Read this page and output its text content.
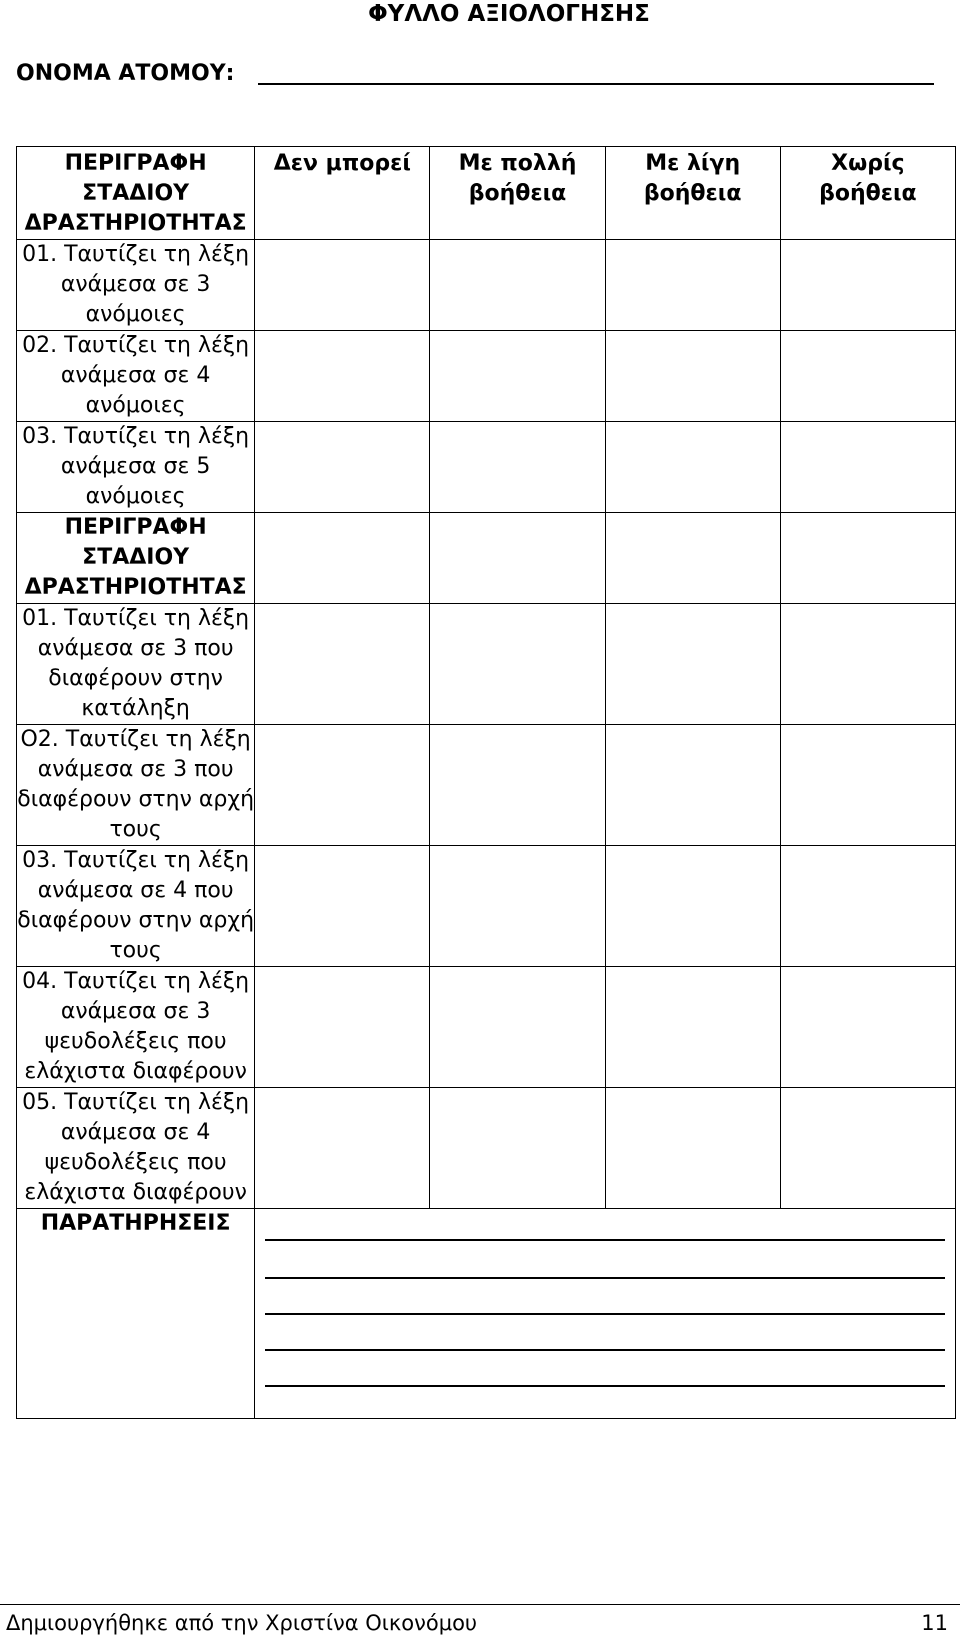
ΦΥΛΛΟ ΑΞΙΟΛΟΓΗΣΗΣ
ΟΝΟΜΑ ΑΤΟΜΟΥ:
ΠΕΡΙΓΡΑΦΗ ΣΤΑΔΙΟΥ ΔΡΑΣΤΗΡΙΟΤΗΤΑΣ	Δεν μπορεί	Με πολλή βοήθεια	Με λίγη βοήθεια	Χωρίς βοήθεια
01. Ταυτίζει τη λέξη ανάμεσα σε 3 ανόμοιες				
02. Ταυτίζει τη λέξη ανάμεσα σε 4 ανόμοιες				
03. Ταυτίζει τη λέξη ανάμεσα σε 5 ανόμοιες				
ΠΕΡΙΓΡΑΦΗ ΣΤΑΔΙΟΥ ΔΡΑΣΤΗΡΙΟΤΗΤΑΣ				
01. Ταυτίζει τη λέξη ανάμεσα σε 3 που διαφέρουν στην κατάληξη				
O2. Ταυτίζει τη λέξη ανάμεσα σε 3 που διαφέρουν στην αρχή τους				
03. Ταυτίζει τη λέξη ανάμεσα σε 4 που διαφέρουν στην αρχή τους				
04. Ταυτίζει τη λέξη ανάμεσα σε 3 ψευδολέξεις που ελάχιστα διαφέρουν				
05. Ταυτίζει τη λέξη ανάμεσα σε 4 ψευδολέξεις που ελάχιστα διαφέρουν				
ΠΑΡΑΤΗΡΗΣΕΙΣ				
Δημιουργήθηκε από την Χριστίνα Οικονόμου	11
